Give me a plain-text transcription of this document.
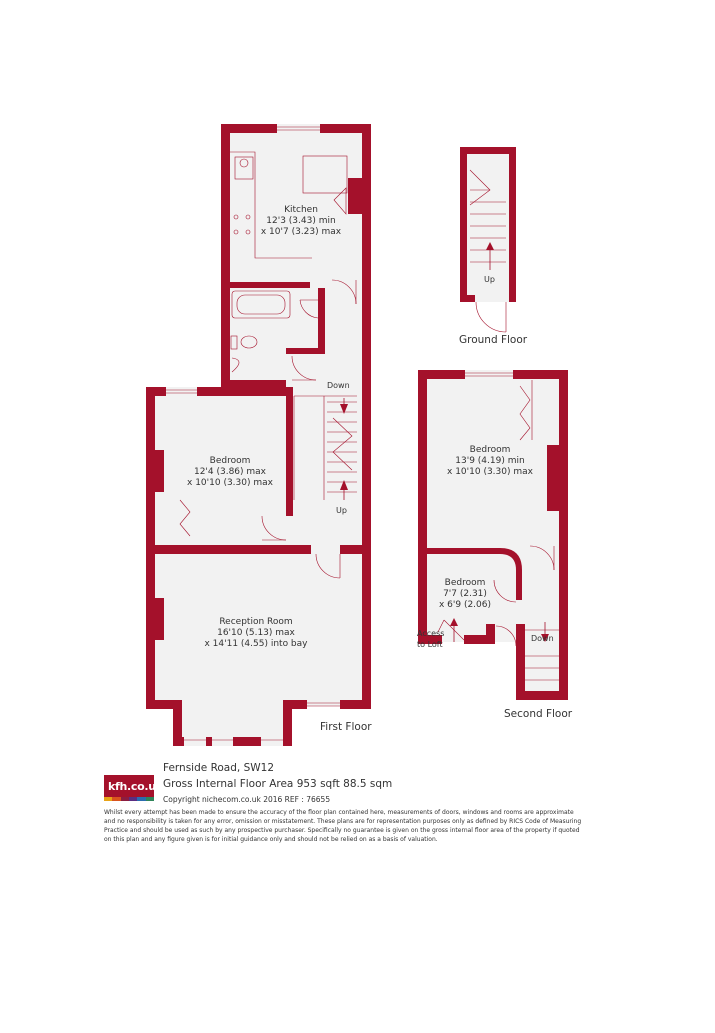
Kitchen
12'3 (3.43) min
x 10'7 (3.23) max
Bedroom
12'4 (3.86) max
x 10'10 (3.30) max
Reception Room
16'10 (5.13) max
x 14'11 (4.55) into bay
Bedroom
13'9 (4.19) min
x 10'10 (3.30) max
Bedroom
7'7 (2.31)
x 6'9 (2.06)
Down
Up
Up
Down
Access
to Loft
Ground Floor
First Floor
Second Floor
kfh.co.uk
Fernside Road, SW12
Gross Internal Floor Area 953 sqft 88.5 sqm
Copyright nichecom.co.uk 2016 REF : 76655
Whilst every attempt has been made to ensure the accuracy of the floor plan contained here, measurements of doors, windows and rooms are approximate and no responsibility is taken for any error, omission or misstatement. These plans are for representation purposes only as defined by RICS Code of Measuring Practice and should be used as such by any prospective purchaser. Specifically no guarantee is given on the gross internal floor area of the property if quoted on this plan and any figure given is for initial guidance only and should not be relied on as a basis of valuation.
